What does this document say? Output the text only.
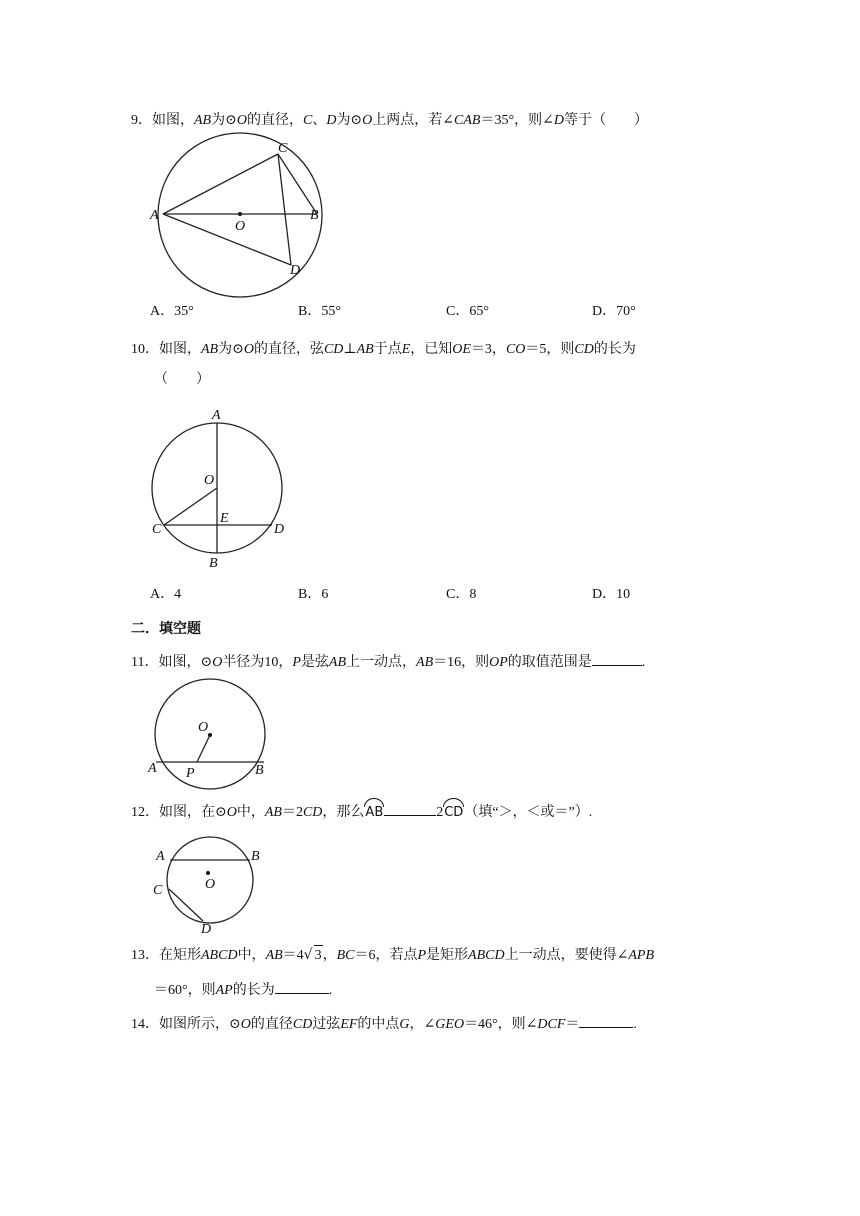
9．如图，AB为⊙O的直径，C、D为⊙O上两点，若∠CAB＝35°，则∠D等于（　　）
A	B
C
D
O
A．35°	B．55°	C．65°	D．70°
10．如图，AB为⊙O的直径，弦CD⊥AB于点E，已知OE＝3，CO＝5，则CD的长为
（　　）
A
B
C	D
O
E
A．4	B．6	C．8	D．10
二．填空题
11．如图，⊙O半径为10，P是弦AB上一动点，AB＝16，则OP的取值范围是	.
A	B
O
P
12．如图，在⊙O中，AB＝2CD，那么AB	2CD（填“＞，＜或＝”）.
A	B
C
D
O
13．在矩形ABCD中，AB＝4√ 3，BC＝6，若点P是矩形ABCD上一动点，要使得∠APB
＝60°，则AP的长为	.
14．如图所示，⊙O的直径CD过弦EF的中点G，∠GEO＝46°，则∠DCF＝	.
